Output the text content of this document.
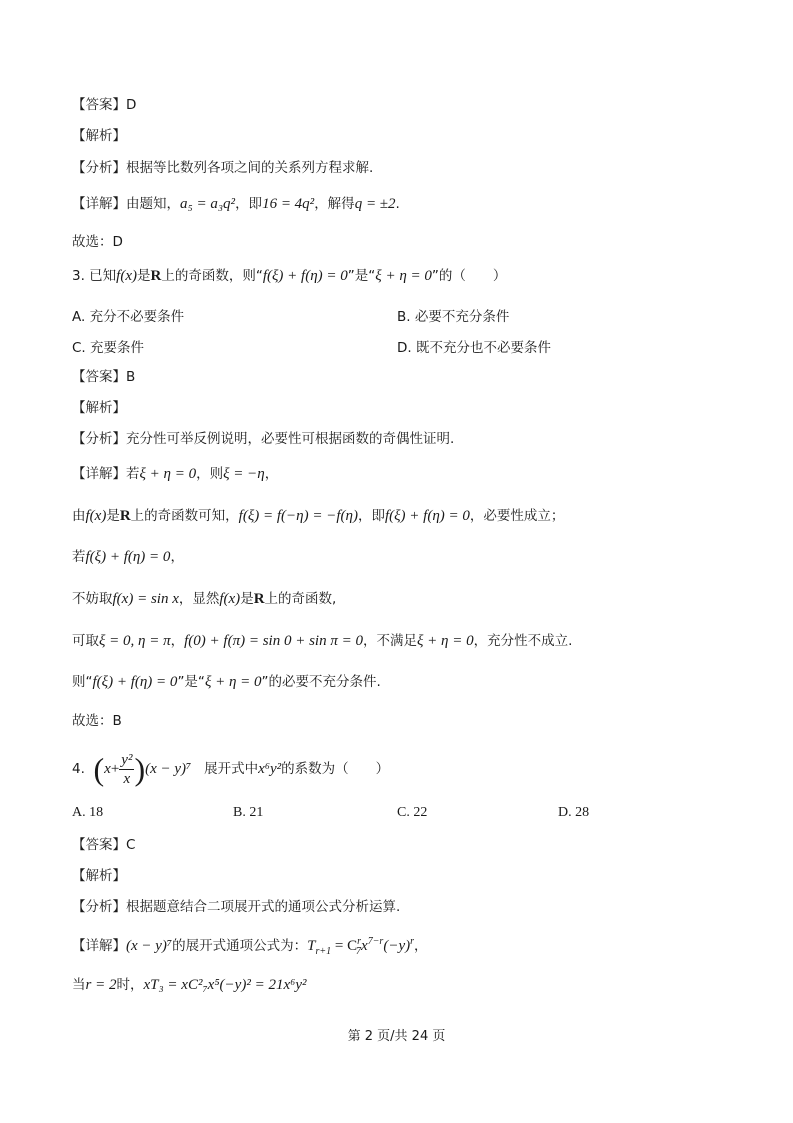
【答案】D
【解析】
【分析】根据等比数列各项之间的关系列方程求解.
【详解】由题知，a₅ = a₃q²，即16 = 4q²，解得q = ±2.
故选：D
3. 已知f(x)是R上的奇函数，则“f(ξ) + f(η) = 0”是“ξ + η = 0”的（　　）
A. 充分不必要条件	B. 必要不充分条件
C. 充要条件	D. 既不充分也不必要条件
【答案】B
【解析】
【分析】充分性可举反例说明，必要性可根据函数的奇偶性证明.
【详解】若ξ + η = 0，则ξ = −η，
由f(x)是R上的奇函数可知，f(ξ) = f(−η) = −f(η)，即f(ξ) + f(η) = 0，必要性成立；
若f(ξ) + f(η) = 0，
不妨取f(x) = sin x，显然f(x)是R上的奇函数,
可取ξ = 0, η = π，f(0) + f(π) = sin 0 + sin π = 0，不满足ξ + η = 0，充分性不成立.
则“f(ξ) + f(η) = 0”是“ξ + η = 0”的必要不充分条件.
故选：B
4. $(x+ \frac{\text{y²}}{x} )(x - y)^7$ 展开式中x⁶y²的系数为（　　）
A. 18	B. 21	C. 22	D. 28
【答案】C
【解析】
【分析】根据题意结合二项展开式的通项公式分析运算.
【详解】(x − y)⁷的展开式通项公式为：$T_{r+1} = C^r_7x^{7-r}(-y)^r$，
当r = 2时，xT₃ = xC²₇x⁵(−y)² = 21x⁶y²
第 2 页/共 24 页
